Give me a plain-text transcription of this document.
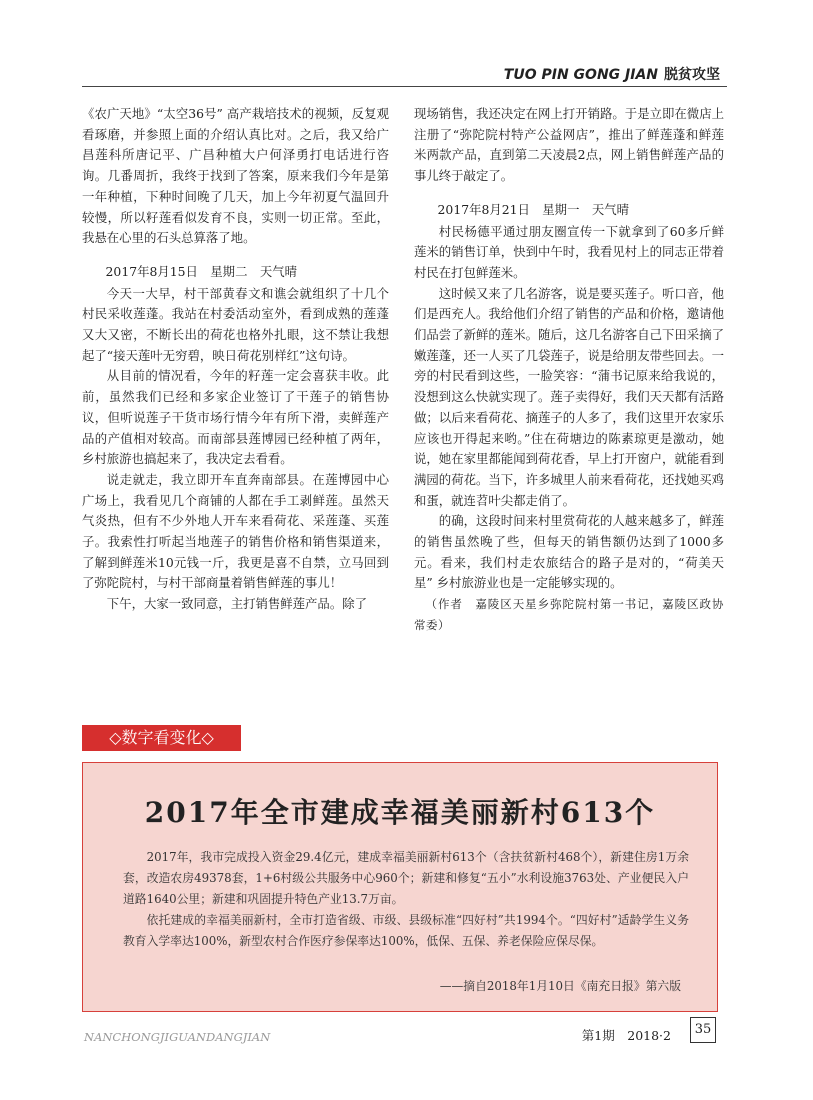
TUO PIN GONG JIAN 脱贫攻坚

《农广天地》“太空36号” 高产栽培技术的视频，反复观看琢磨，并参照上面的介绍认真比对。之后，我又给广昌莲科所唐记平、广昌种植大户何泽勇打电话进行咨询。几番周折，我终于找到了答案，原来我们今年是第一年种植，下种时间晚了几天，加上今年初夏气温回升较慢，所以籽莲看似发育不良，实则一切正常。至此，我悬在心里的石头总算落了地。

2017年8月15日　星期二　天气晴

今天一大早，村干部黄春文和谯会就组织了十几个村民采收莲蓬。我站在村委活动室外，看到成熟的莲蓬又大又密，不断长出的荷花也格外扎眼，这不禁让我想起了“接天莲叶无穷碧，映日荷花别样红”这句诗。

从目前的情况看，今年的籽莲一定会喜获丰收。此前，虽然我们已经和多家企业签订了干莲子的销售协议，但听说莲子干货市场行情今年有所下滑，卖鲜莲产品的产值相对较高。而南部县莲博园已经种植了两年，乡村旅游也搞起来了，我决定去看看。

说走就走，我立即开车直奔南部县。在莲博园中心广场上，我看见几个商铺的人都在手工剥鲜莲。虽然天气炎热，但有不少外地人开车来看荷花、采莲蓬、买莲子。我索性打听起当地莲子的销售价格和销售渠道来，了解到鲜莲米10元钱一斤，我更是喜不自禁，立马回到了弥陀院村，与村干部商量着销售鲜莲的事儿！

下午，大家一致同意，主打销售鲜莲产品。除了

现场销售，我还决定在网上打开销路。于是立即在微店上注册了“弥陀院村特产公益网店”，推出了鲜莲蓬和鲜莲米两款产品，直到第二天凌晨2点，网上销售鲜莲产品的事儿终于敲定了。

2017年8月21日　星期一　天气晴

村民杨德平通过朋友圈宣传一下就拿到了60多斤鲜莲米的销售订单，快到中午时，我看见村上的同志正带着村民在打包鲜莲米。

这时候又来了几名游客，说是要买莲子。听口音，他们是西充人。我给他们介绍了销售的产品和价格，邀请他们品尝了新鲜的莲米。随后，这几名游客自己下田采摘了嫩莲蓬，还一人买了几袋莲子，说是给朋友带些回去。一旁的村民看到这些，一脸笑容：“蒲书记原来给我说的，没想到这么快就实现了。莲子卖得好，我们天天都有活路做；以后来看荷花、摘莲子的人多了，我们这里开农家乐应该也开得起来哟。”住在荷塘边的陈素琼更是激动，她说，她在家里都能闻到荷花香，早上打开窗户，就能看到满园的荷花。当下，许多城里人前来看荷花，还找她买鸡和蛋，就连苕叶尖都走俏了。

的确，这段时间来村里赏荷花的人越来越多了，鲜莲的销售虽然晚了些，但每天的销售额仍达到了1000多元。看来，我们村走农旅结合的路子是对的，“荷美天星” 乡村旅游业也是一定能够实现的。

（作者　嘉陵区天星乡弥陀院村第一书记，嘉陵区政协常委）

◇数字看变化◇
2017年全市建成幸福美丽新村613个

2017年，我市完成投入资金29.4亿元，建成幸福美丽新村613个（含扶贫新村468个），新建住房1万余套，改造农房49378套，1+6村级公共服务中心960个；新建和修复“五小”水利设施3763处、产业便民入户道路1640公里；新建和巩固提升特色产业13.7万亩。

依托建成的幸福美丽新村，全市打造省级、市级、县级标准“四好村”共1994个。“四好村”适龄学生义务教育入学率达100%，新型农村合作医疗参保率达100%，低保、五保、养老保险应保尽保。

——摘自2018年1月10日《南充日报》第六版
NANCHONGJIGUANDANGJIAN	第1期　2018·2	35
